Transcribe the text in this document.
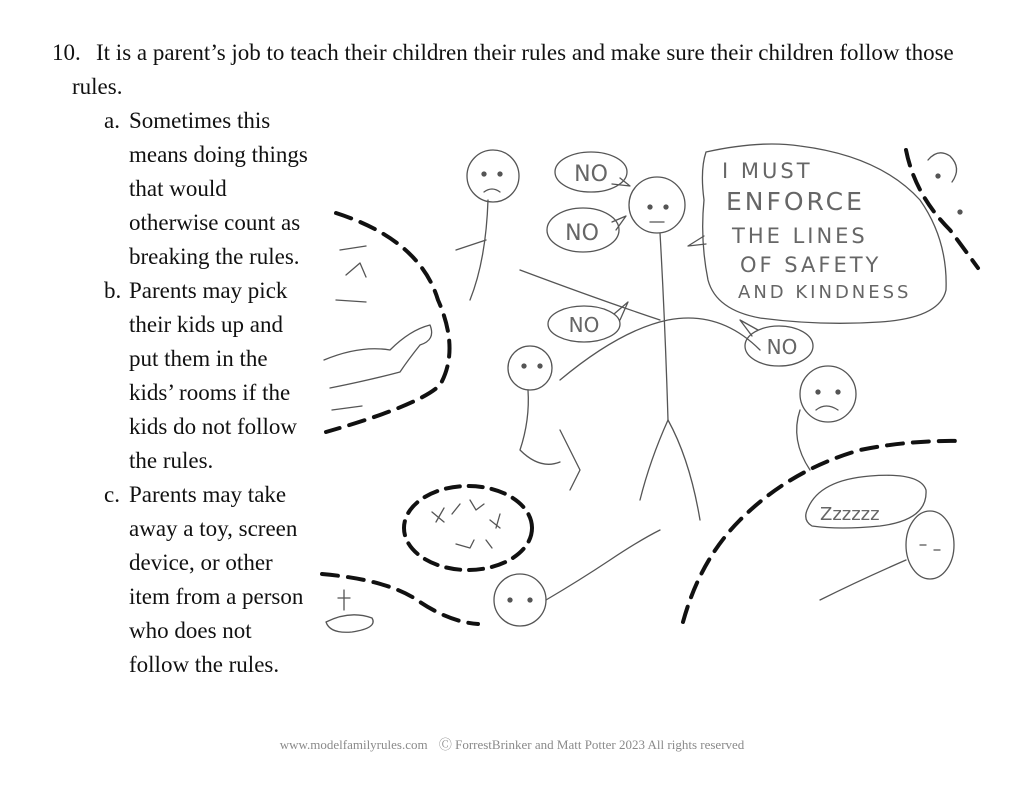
10. It is a parent’s job to teach their children their rules and make sure their children follow those
rules.
a. Sometimes this means doing things that would otherwise count as breaking the rules.
b. Parents may pick their kids up and put them in the kids’ rooms if the kids do not follow the rules.
c. Parents may take away a toy, screen device, or other item from a person who does not follow the rules.
NO
NO
NO
NO
I MUST
ENFORCE
THE LINES
OF SAFETY
AND KINDNESS
Zzzzzz
www.modelfamilyrules.com Ⓒ ForrestBrinker and Matt Potter 2023 All rights reserved
